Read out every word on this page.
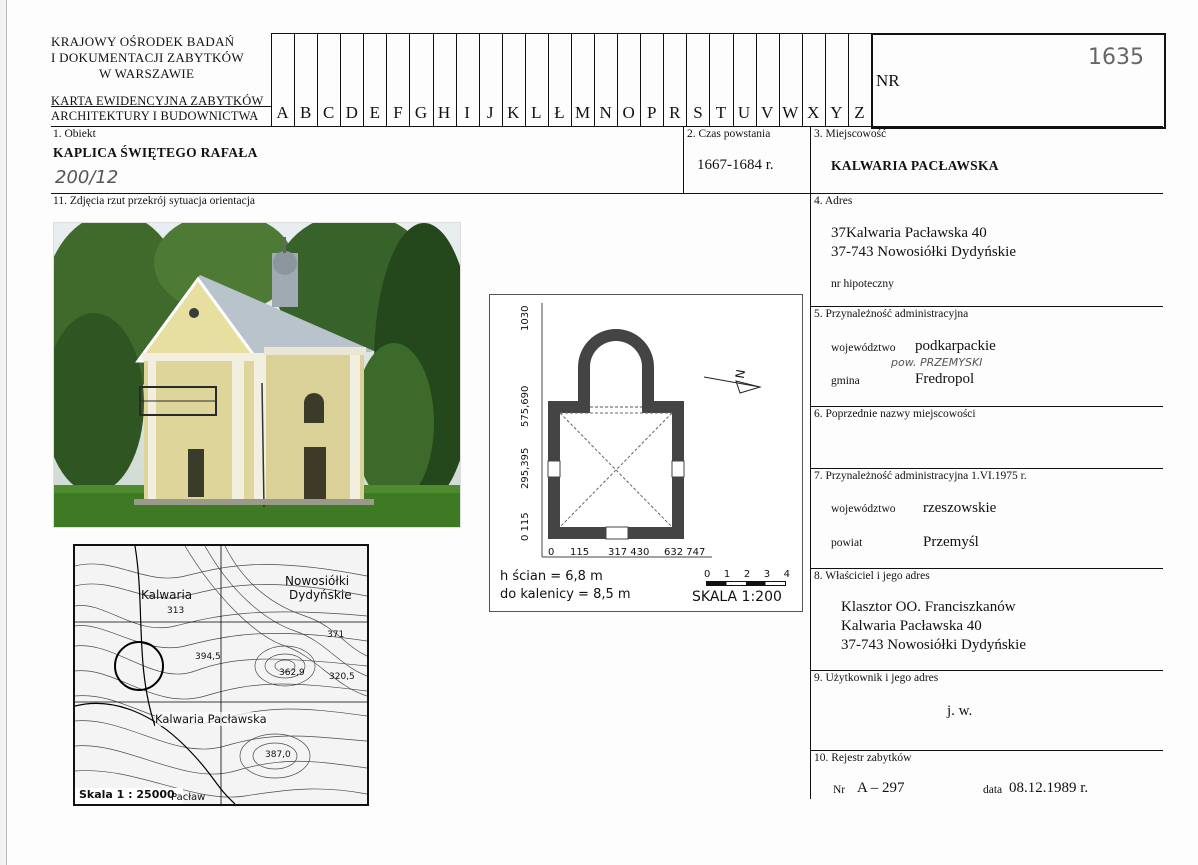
KRAJOWY OŚRODEK BADAŃ
I DOKUMENTACJI ZABYTKÓW
W WARSZAWIE
KARTA EWIDENCYJNA ZABYTKÓW
ARCHITEKTURY I BUDOWNICTWA	A B C D E F G H I J K L Ł M N O P R S T U V W X Y Z
NR
1635
1. Obiekt
KAPLICA ŚWIĘTEGO RAFAŁA
200/12
2. Czas powstania
1667-1684 r.
3. Miejscowość
KALWARIA PACŁAWSKA
11. Zdjęcia rzut przekrój sytuacja orientacja
Kalwaria
Nowosiółki
Dydyńskie
Kalwaria Pacławska
Pacław
394,5
362,9	320,5
387,0
313
371
Skala 1 : 25000
N
1030
575,690
295,395
0 115
0 115 317 430 632 747
h ścian = 6,8 m
do kalenicy = 8,5 m
0 1 2 3 4
SKALA 1:200
4. Adres
37Kalwaria Pacławska 40
37-743 Nowosiółki Dydyńskie
nr hipoteczny
5. Przynależność administracyjna
województwo podkarpackie
pow. PRZEMYSKI
gmina	Fredropol
6. Poprzednie nazwy miejscowości
7. Przynależność administracyjna 1.VI.1975 r.
województwo rzeszowskie
powiat	Przemyśl
8. Właściciel i jego adres
Klasztor OO. Franciszkanów
Kalwaria Pacławska 40
37-743 Nowosiółki Dydyńskie
9. Użytkownik i jego adres
j. w.
10. Rejestr zabytków
Nr A – 297	data 08.12.1989 r.
